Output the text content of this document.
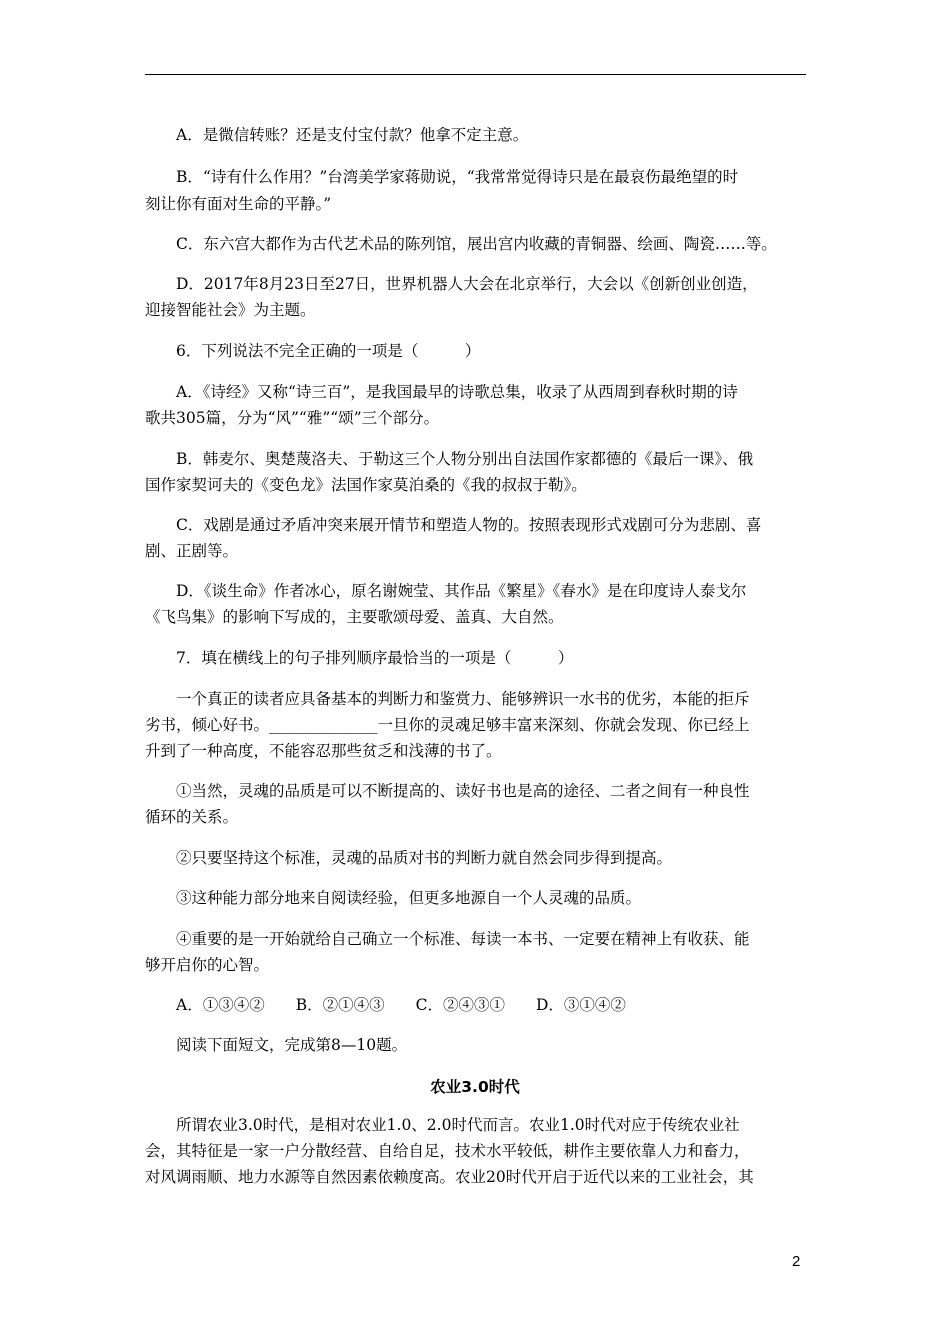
A．是微信转账？还是支付宝付款？他拿不定主意。
B．“诗有什么作用？”台湾美学家蒋勋说，“我常常觉得诗只是在最哀伤最绝望的时
刻让你有面对生命的平静。”
C．东六宫大都作为古代艺术品的陈列馆，展出宫内收藏的青铜器、绘画、陶瓷……等。
D．2017年8月23日至27日，世界机器人大会在北京举行，大会以《创新创业创造，
迎接智能社会》为主题。
6．下列说法不完全正确的一项是（　　　）
A．《诗经》又称“诗三百”，是我国最早的诗歌总集，收录了从西周到春秋时期的诗
歌共305篇，分为“风”“雅”“颂”三个部分。
B．韩麦尔、奥楚蔑洛夫、于勒这三个人物分别出自法国作家都德的《最后一课》、俄
国作家契诃夫的《变色龙》法国作家莫泊桑的《我的叔叔于勒》。
C．戏剧是通过矛盾冲突来展开情节和塑造人物的。按照表现形式戏剧可分为悲剧、喜
剧、正剧等。
D．《谈生命》作者冰心，原名谢婉莹、其作品《繁星》《春水》是在印度诗人泰戈尔
《飞鸟集》的影响下写成的，主要歌颂母爱、盖真、大自然。
7．填在横线上的句子排列顺序最恰当的一项是（　　　）
一个真正的读者应具备基本的判断力和鉴赏力、能够辨识一水书的优劣，本能的拒斥
劣书，倾心好书。______________一旦你的灵魂足够丰富来深刻、你就会发现、你已经上
升到了一种高度，不能容忍那些贫乏和浅薄的书了。
①当然，灵魂的品质是可以不断提高的、读好书也是高的途径、二者之间有一种良性
循环的关系。
②只要坚持这个标准，灵魂的品质对书的判断力就自然会同步得到提高。
③这种能力部分地来自阅读经验，但更多地源自一个人灵魂的品质。
④重要的是一开始就给自己确立一个标准、每读一本书、一定要在精神上有收获、能
够开启你的心智。
A．①③④②　　B．②①④③　　C．②④③①　　D．③①④②
阅读下面短文，完成第8—10题。
所谓农业3.0时代，是相对农业1.0、2.0时代而言。农业1.0时代对应于传统农业社
会，其特征是一家一户分散经营、自给自足，技术水平较低，耕作主要依靠人力和畜力，
对风调雨顺、地力水源等自然因素依赖度高。农业20时代开启于近代以来的工业社会，其
农业3.0时代
2
